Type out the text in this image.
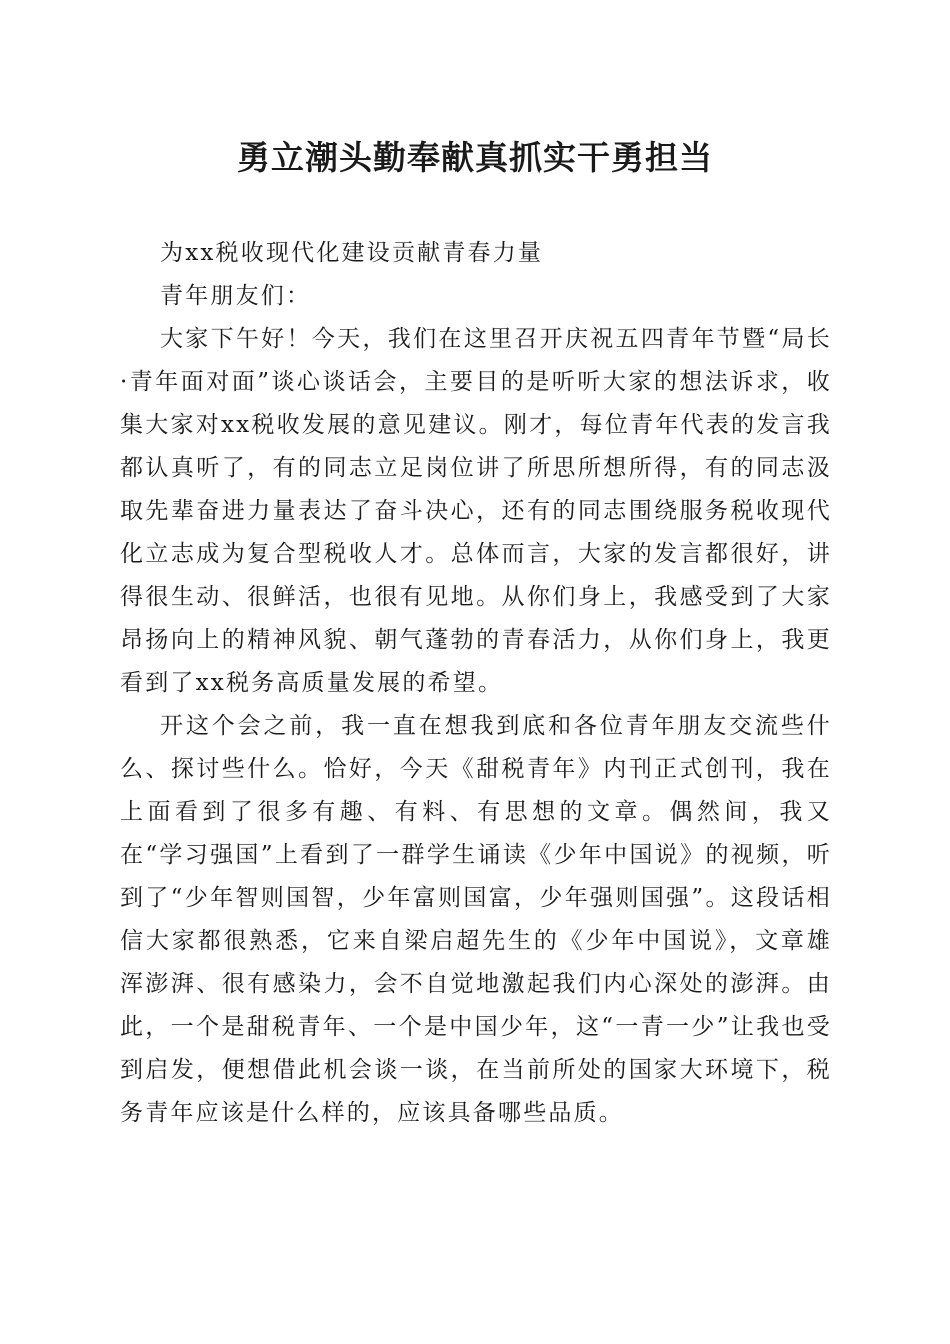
勇立潮头勤奉献真抓实干勇担当

为xx税收现代化建设贡献青春力量

青年朋友们：

大家下午好！今天，我们在这里召开庆祝五四青年节暨“局长·青年面对面”谈心谈话会，主要目的是听听大家的想法诉求，收集大家对xx税收发展的意见建议。刚才，每位青年代表的发言我都认真听了，有的同志立足岗位讲了所思所想所得，有的同志汲取先辈奋进力量表达了奋斗决心，还有的同志围绕服务税收现代化立志成为复合型税收人才。总体而言，大家的发言都很好，讲得很生动、很鲜活，也很有见地。从你们身上，我感受到了大家昂扬向上的精神风貌、朝气蓬勃的青春活力，从你们身上，我更看到了xx税务高质量发展的希望。

开这个会之前，我一直在想我到底和各位青年朋友交流些什么、探讨些什么。恰好，今天《甜税青年》内刊正式创刊，我在上面看到了很多有趣、有料、有思想的文章。偶然间，我又在“学习强国”上看到了一群学生诵读《少年中国说》的视频，听到了“少年智则国智，少年富则国富，少年强则国强”。这段话相信大家都很熟悉，它来自梁启超先生的《少年中国说》，文章雄浑澎湃、很有感染力，会不自觉地激起我们内心深处的澎湃。由此，一个是甜税青年、一个是中国少年，这“一青一少”让我也受到启发，便想借此机会谈一谈，在当前所处的国家大环境下，税务青年应该是什么样的，应该具备哪些品质。
